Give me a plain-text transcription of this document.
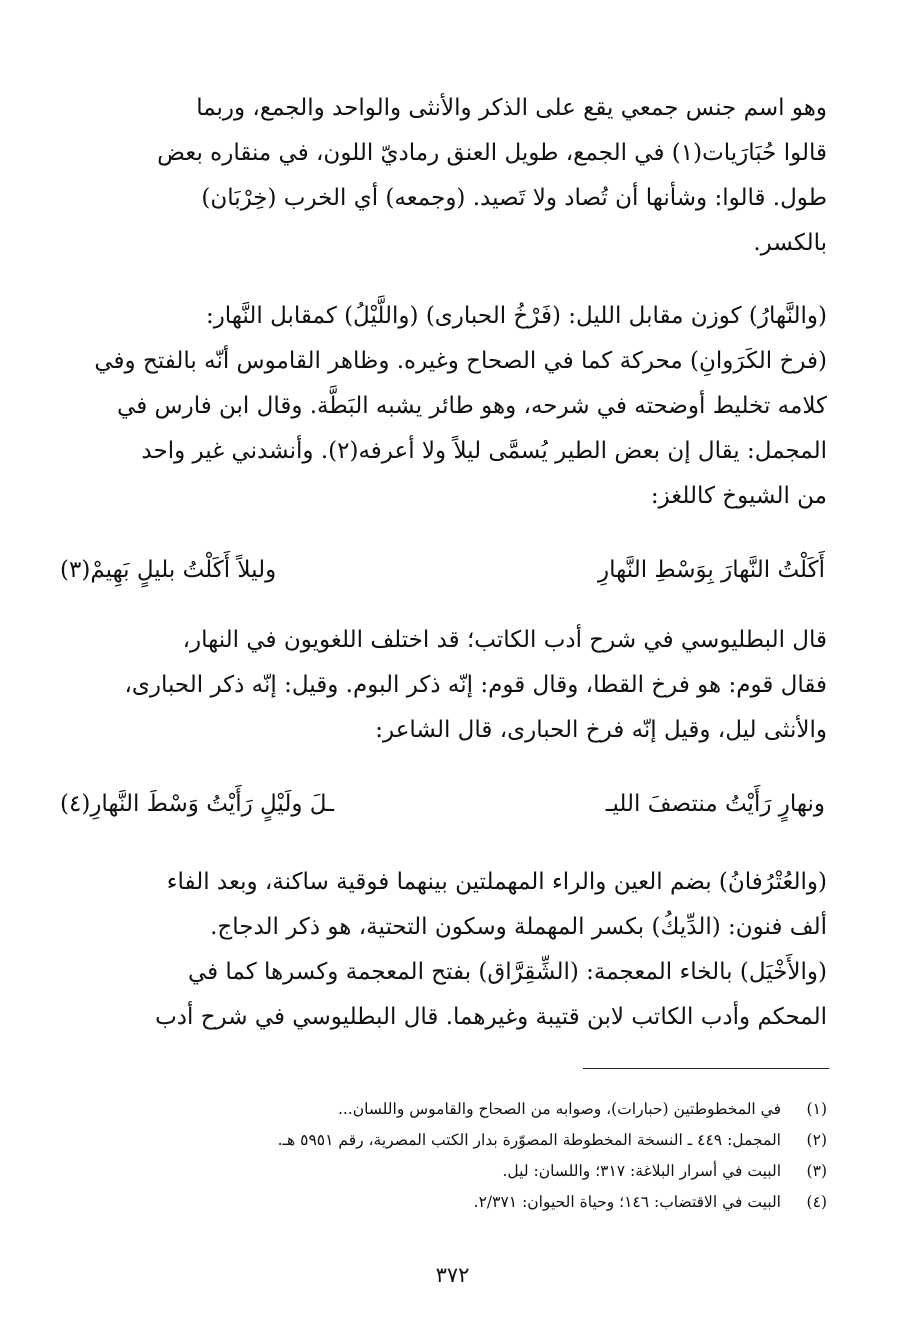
وهو اسم جنس جمعي يقع على الذكر والأنثى والواحد والجمع، وربما
قالوا حُبَارَيات(١) في الجمع، طويل العنق رماديّ اللون، في منقاره بعض
طول. قالوا: وشأنها أن تُصاد ولا تَصيد. (وجمعه) أي الخرب (خِرْبَان)
بالكسر.
(والنَّهارُ) كوزن مقابل الليل: (فَرْخُ الحبارى) (واللَّيْلُ) كمقابل النَّهار:
(فرخ الكَرَوانِ) محركة كما في الصحاح وغيره. وظاهر القاموس أنّه بالفتح وفي
كلامه تخليط أوضحته في شرحه، وهو طائر يشبه البَطَّة. وقال ابن فارس في
المجمل: يقال إن بعض الطير يُسمَّى ليلاً ولا أعرفه(٢). وأنشدني غير واحد
من الشيوخ كاللغز:
أَكَلْتُ النَّهارَ بِوَسْطِ النَّهارِ
وليلاً أَكَلْتُ بليلٍ بَهِيمْ(٣)
قال البطليوسي في شرح أدب الكاتب؛ قد اختلف اللغويون في النهار،
فقال قوم: هو فرخ القطا، وقال قوم: إنّه ذكر البوم. وقيل: إنّه ذكر الحبارى،
والأنثى ليل، وقيل إنّه فرخ الحبارى، قال الشاعر:
ونهارٍ رَأَيْتُ منتصفَ الليـ
ـلَ ولَيْلٍ رَأَيْتُ وَسْطَ النَّهارِ(٤)
(والعُتْرُفانُ) بضم العين والراء المهملتين بينهما فوقية ساكنة، وبعد الفاء
ألف فنون: (الدِّيكُ) بكسر المهملة وسكون التحتية، هو ذكر الدجاج.
(والأَخْيَل) بالخاء المعجمة: (الشِّقِرَّاق) بفتح المعجمة وكسرها كما في
المحكم وأدب الكاتب لابن قتيبة وغيرهما. قال البطليوسي في شرح أدب
(١)في المخطوطتين (حبارات)، وصوابه من الصحاح والقاموس واللسان...
(٢)المجمل: ٤٤٩ ـ النسخة المخطوطة المصوّرة بدار الكتب المصرية، رقم ٥٩٥١ هـ.
(٣)البيت في أسرار البلاغة: ٣١٧؛ واللسان: ليل.
(٤)البيت في الاقتضاب: ١٤٦؛ وحياة الحيوان: ٢/٣٧١.
٣٧٢
